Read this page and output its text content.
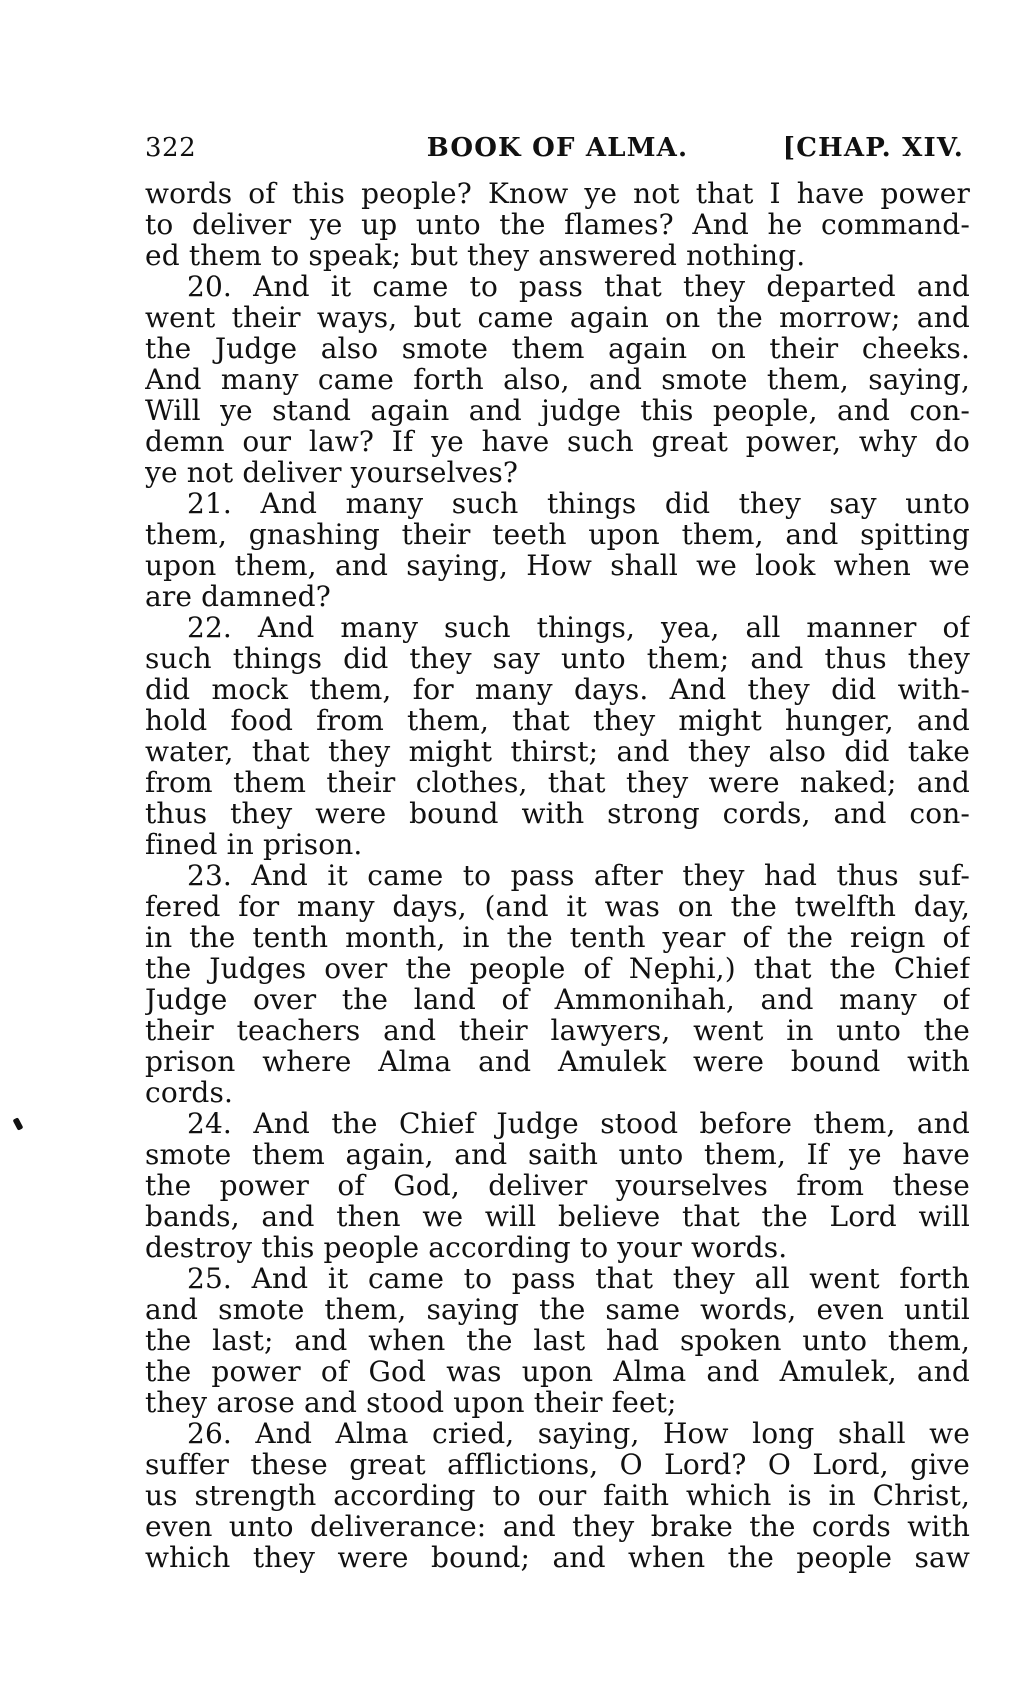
322	BOOK OF ALMA.	[CHAP. XIV.
words of this people? Know ye not that I have power
to deliver ye up unto the flames? And he command-
ed them to speak; but they answered nothing.
20. And it came to pass that they departed and
went their ways, but came again on the morrow; and
the Judge also smote them again on their cheeks.
And many came forth also, and smote them, saying,
Will ye stand again and judge this people, and con-
demn our law? If ye have such great power, why do
ye not deliver yourselves?
21. And many such things did they say unto
them, gnashing their teeth upon them, and spitting
upon them, and saying, How shall we look when we
are damned?
22. And many such things, yea, all manner of
such things did they say unto them; and thus they
did mock them, for many days. And they did with-
hold food from them, that they might hunger, and
water, that they might thirst; and they also did take
from them their clothes, that they were naked; and
thus they were bound with strong cords, and con-
fined in prison.
23. And it came to pass after they had thus suf-
fered for many days, (and it was on the twelfth day,
in the tenth month, in the tenth year of the reign of
the Judges over the people of Nephi,) that the Chief
Judge over the land of Ammonihah, and many of
their teachers and their lawyers, went in unto the
prison where Alma and Amulek were bound with
cords.
24. And the Chief Judge stood before them, and
smote them again, and saith unto them, If ye have
the power of God, deliver yourselves from these
bands, and then we will believe that the Lord will
destroy this people according to your words.
25. And it came to pass that they all went forth
and smote them, saying the same words, even until
the last; and when the last had spoken unto them,
the power of God was upon Alma and Amulek, and
they arose and stood upon their feet;
26. And Alma cried, saying, How long shall we
suffer these great afflictions, O Lord? O Lord, give
us strength according to our faith which is in Christ,
even unto deliverance: and they brake the cords with
which they were bound; and when the people saw
